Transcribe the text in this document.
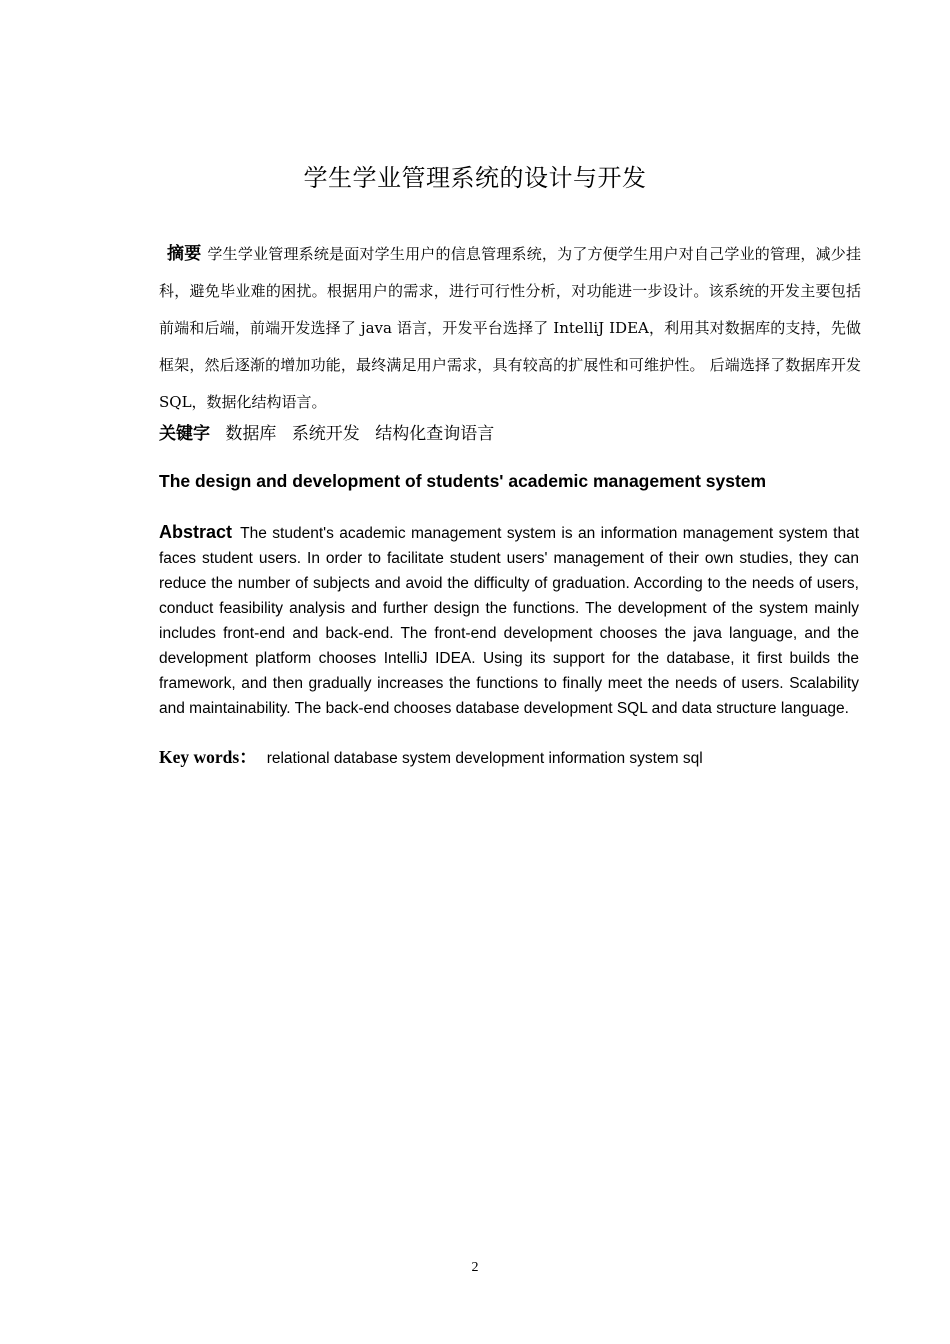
学生学业管理系统的设计与开发
摘要 学生学业管理系统是面对学生用户的信息管理系统，为了方便学生用户对自己学业的管理，减少挂科，避免毕业难的困扰。根据用户的需求，进行可行性分析，对功能进一步设计。该系统的开发主要包括前端和后端，前端开发选择了 java 语言，开发平台选择了 IntelliJ IDEA，利用其对数据库的支持，先做框架，然后逐渐的增加功能，最终满足用户需求，具有较高的扩展性和可维护性。 后端选择了数据库开发SQL，数据化结构语言。
关键字 数据库 系统开发 结构化查询语言
The design and development of students' academic management system
Abstract The student's academic management system is an information management system that faces student users. In order to facilitate student users' management of their own studies, they can reduce the number of subjects and avoid the difficulty of graduation. According to the needs of users, conduct feasibility analysis and further design the functions. The development of the system mainly includes front-end and back-end. The front-end development chooses the java language, and the development platform chooses IntelliJ IDEA. Using its support for the database, it first builds the framework, and then gradually increases the functions to finally meet the needs of users. Scalability and maintainability. The back-end chooses database development SQL and data structure language.
Key words： relational database system development information system sql
2
